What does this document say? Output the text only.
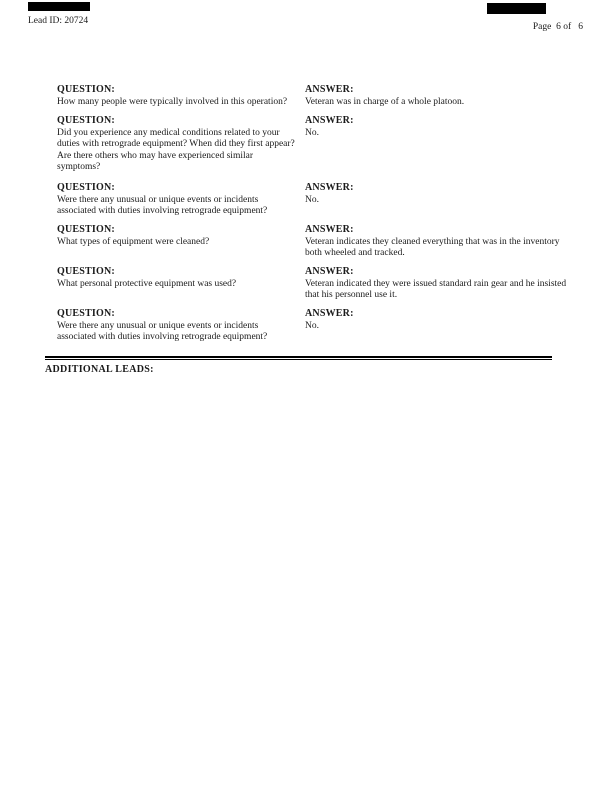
Lead ID: 20724
Page  6 of   6
QUESTION:
How many people were typically involved in this operation?
ANSWER:
Veteran was in charge of a whole platoon.
QUESTION:
Did you experience any medical conditions related to your duties with retrograde equipment? When did they first appear? Are there others who may have experienced similar symptoms?
ANSWER:
No.
QUESTION:
Were there any unusual or unique events or incidents associated with duties involving retrograde equipment?
ANSWER:
No.
QUESTION:
What types of equipment were cleaned?
ANSWER:
Veteran indicates they cleaned everything that was in the inventory both wheeled and tracked.
QUESTION:
What personal protective equipment was used?
ANSWER:
Veteran indicated they were issued standard rain gear and he insisted that his personnel use it.
QUESTION:
Were there any unusual or unique events or incidents associated with duties involving retrograde equipment?
ANSWER:
No.
ADDITIONAL LEADS:
